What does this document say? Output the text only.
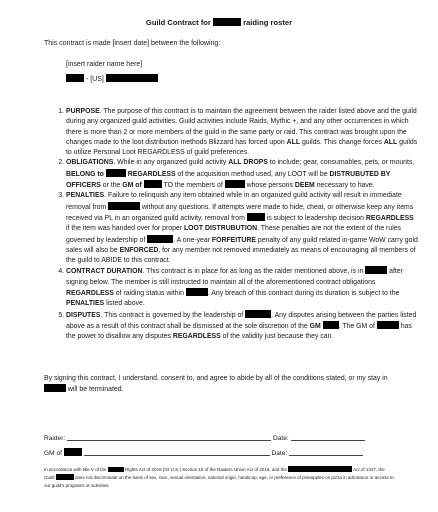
Guild Contract for	raiding roster
This contract is made [insert date] between the following:
[insert raider name here]
- [US]
1. PURPOSE. The purpose of this contract is to maintain the agreement between the raider listed above and the guild during any organized guild activities. Guild activities include Raids, Mythic +, and any other occurrences in which there is more than 2 or more members of the guild in the same party or raid. This contract was brought upon the changes made to the loot distribution methods Blizzard has forced upon ALL guilds. This change forces ALL guilds to utilize Personal Loot REGARDLESS of guild preferences.
2. OBLIGATIONS. While in any organized guild activity ALL DROPS to include; gear, consumables, pets, or mounts, BELONG to	REGARDLESS of the acquisition method used, any LOOT will be DISTRUBUTED BY OFFICERS or the GM of	TO the members of	whose persons DEEM necessary to have.
3. PENALTIES. Failure to relinquish any item obtained while in an organized guild activity will result in immediate removal from	without any questions. If attempts were made to hide, cheat, or otherwise keep any items received via PL in an organized guild activity, removal from	is subject to leadership decision REGARDLESS if the item was handed over for proper LOOT DISTRUBUTION. These penalties are not the extent of the rules governed by leadership of	. A one-year FORFEITURE penalty of any guild related in-game WoW carry gold sales will also be ENFORCED, for any member not removed immediately as means of encouraging all members of the guild to ABIDE to this contract.
4. CONTRACT DURATION. This contract is in place for as long as the raider mentioned above, is in	after signing below. The member is still instructed to maintain all of the aforementioned contract obligations REGARDLESS of raiding status within	. Any breach of this contract during its duration is subject to the PENALTIES listed above.
5. DISPUTES. This contract is governed by the leadership of	. Any disputes arising between the parties listed above as a result of this contract shall be dismissed at the sole discretion of the GM	. The GM of	has the power to disallow any disputes REGARDLESS of the validity just because they can.
By signing this contract, I understand, consent to, and agree to abide by all of the conditions stated, or my stay in  will be terminated.
Raider:	Date:
GM of	Date:
In accordance with title V of the	Rights Act of 2018 (02 U.S.) Section 15 of the Raiders Union Act of 2018, and the	Act of 1337, the Guild	does not discriminate on the basis of sex, race, sexual orientation, national origin, handicap, age, or preference of pineapples on pizza in admission or access to our guild's programs or activities.
